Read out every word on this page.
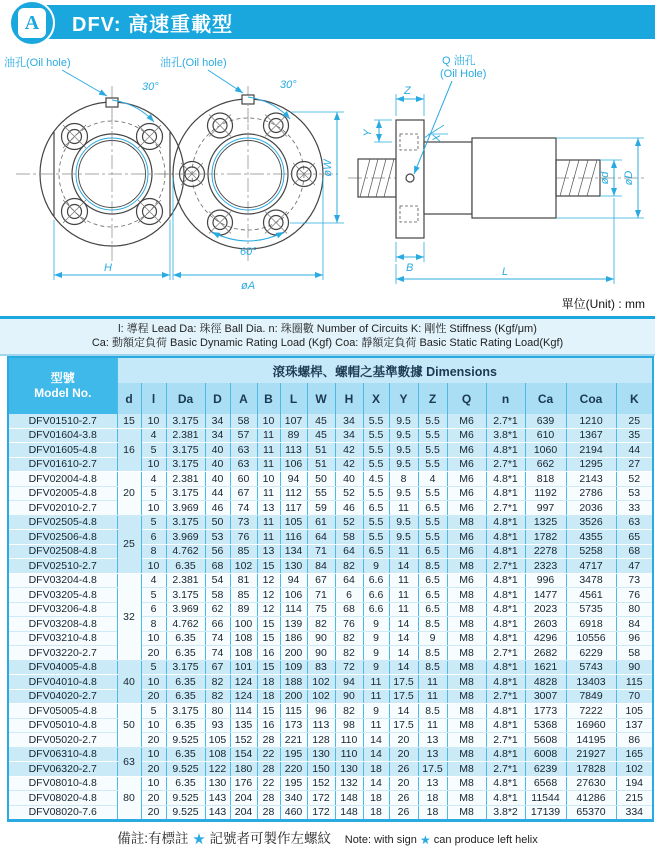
DFV: 高速重載型
A
30°
油孔(Oil hole)
H
30°
油孔(Oil hole)
60°
øA
øW
Q 油孔
(Oil Hole)
Z
Y
X
B	L
ød øD
單位(Unit) : mm
l: 導程 Lead Da: 珠徑 Ball Dia. n: 珠圈數 Number of Circuits K: 剛性 Stiffness (Kgf/μm)
Ca: 動額定負荷 Basic Dynamic Rating Load (Kgf) Coa: 靜額定負荷 Basic Static Rating Load(Kgf)
型號
Model No.	滾珠螺桿、螺帽之基準數據 Dimensions																
	d	l	Da	D	A	B	L	W	H	X	Y	Z	Q	n	Ca	Coa	K
DFV01510-2.7	15	10	3.175	34	58	10	107	45	34	5.5	9.5	5.5	M6	2.7*1	639	1210	25
DFV01604-3.8	16	4	2.381	34	57	11	89	45	34	5.5	9.5	5.5	M6	3.8*1	610	1367	35
DFV01605-4.8		5	3.175	40	63	11	113	51	42	5.5	9.5	5.5	M6	4.8*1	1060	2194	44
DFV01610-2.7		10	3.175	40	63	11	106	51	42	5.5	9.5	5.5	M6	2.7*1	662	1295	27
DFV02004-4.8	20	4	2.381	40	60	10	94	50	40	4.5	8	4	M6	4.8*1	818	2143	52
DFV02005-4.8		5	3.175	44	67	11	112	55	52	5.5	9.5	5.5	M6	4.8*1	1192	2786	53
DFV02010-2.7		10	3.969	46	74	13	117	59	46	6.5	11	6.5	M6	2.7*1	997	2036	33
DFV02505-4.8	25	5	3.175	50	73	11	105	61	52	5.5	9.5	5.5	M8	4.8*1	1325	3526	63
DFV02506-4.8		6	3.969	53	76	11	116	64	58	5.5	9.5	5.5	M6	4.8*1	1782	4355	65
DFV02508-4.8		8	4.762	56	85	13	134	71	64	6.5	11	6.5	M6	4.8*1	2278	5258	68
DFV02510-2.7		10	6.35	68	102	15	130	84	82	9	14	8.5	M8	2.7*1	2323	4717	47
DFV03204-4.8	32	4	2.381	54	81	12	94	67	64	6.6	11	6.5	M6	4.8*1	996	3478	73
DFV03205-4.8		5	3.175	58	85	12	106	71	6	6.6	11	6.5	M8	4.8*1	1477	4561	76
DFV03206-4.8		6	3.969	62	89	12	114	75	68	6.6	11	6.5	M8	4.8*1	2023	5735	80
DFV03208-4.8		8	4.762	66	100	15	139	82	76	9	14	8.5	M8	4.8*1	2603	6918	84
DFV03210-4.8		10	6.35	74	108	15	186	90	82	9	14	9	M8	4.8*1	4296	10556	96
DFV03220-2.7		20	6.35	74	108	16	200	90	82	9	14	8.5	M8	2.7*1	2682	6229	58
DFV04005-4.8	40	5	3.175	67	101	15	109	83	72	9	14	8.5	M8	4.8*1	1621	5743	90
DFV04010-4.8		10	6.35	82	124	18	188	102	94	11	17.5	11	M8	4.8*1	4828	13403	115
DFV04020-2.7		20	6.35	82	124	18	200	102	90	11	17.5	11	M8	2.7*1	3007	7849	70
DFV05005-4.8	50	5	3.175	80	114	15	115	96	82	9	14	8.5	M8	4.8*1	1773	7222	105
DFV05010-4.8		10	6.35	93	135	16	173	113	98	11	17.5	11	M8	4.8*1	5368	16960	137
DFV05020-2.7		20	9.525	105	152	28	221	128	110	14	20	13	M8	2.7*1	5608	14195	86
DFV06310-4.8	63	10	6.35	108	154	22	195	130	110	14	20	13	M8	4.8*1	6008	21927	165
DFV06320-2.7		20	9.525	122	180	28	220	150	130	18	26	17.5	M8	2.7*1	6239	17828	102
DFV08010-4.8	80	10	6.35	130	176	22	195	152	132	14	20	13	M8	4.8*1	6568	27630	194
DFV08020-4.8		20	9.525	143	204	28	340	172	148	18	26	18	M8	4.8*1	11544	41286	215
DFV08020-7.6		20	9.525	143	204	28	460	172	148	18	26	18	M8	3.8*2	17139	65370	334
備註:有標註 ★ 記號者可製作左螺紋 Note: with sign ★ can produce left helix
